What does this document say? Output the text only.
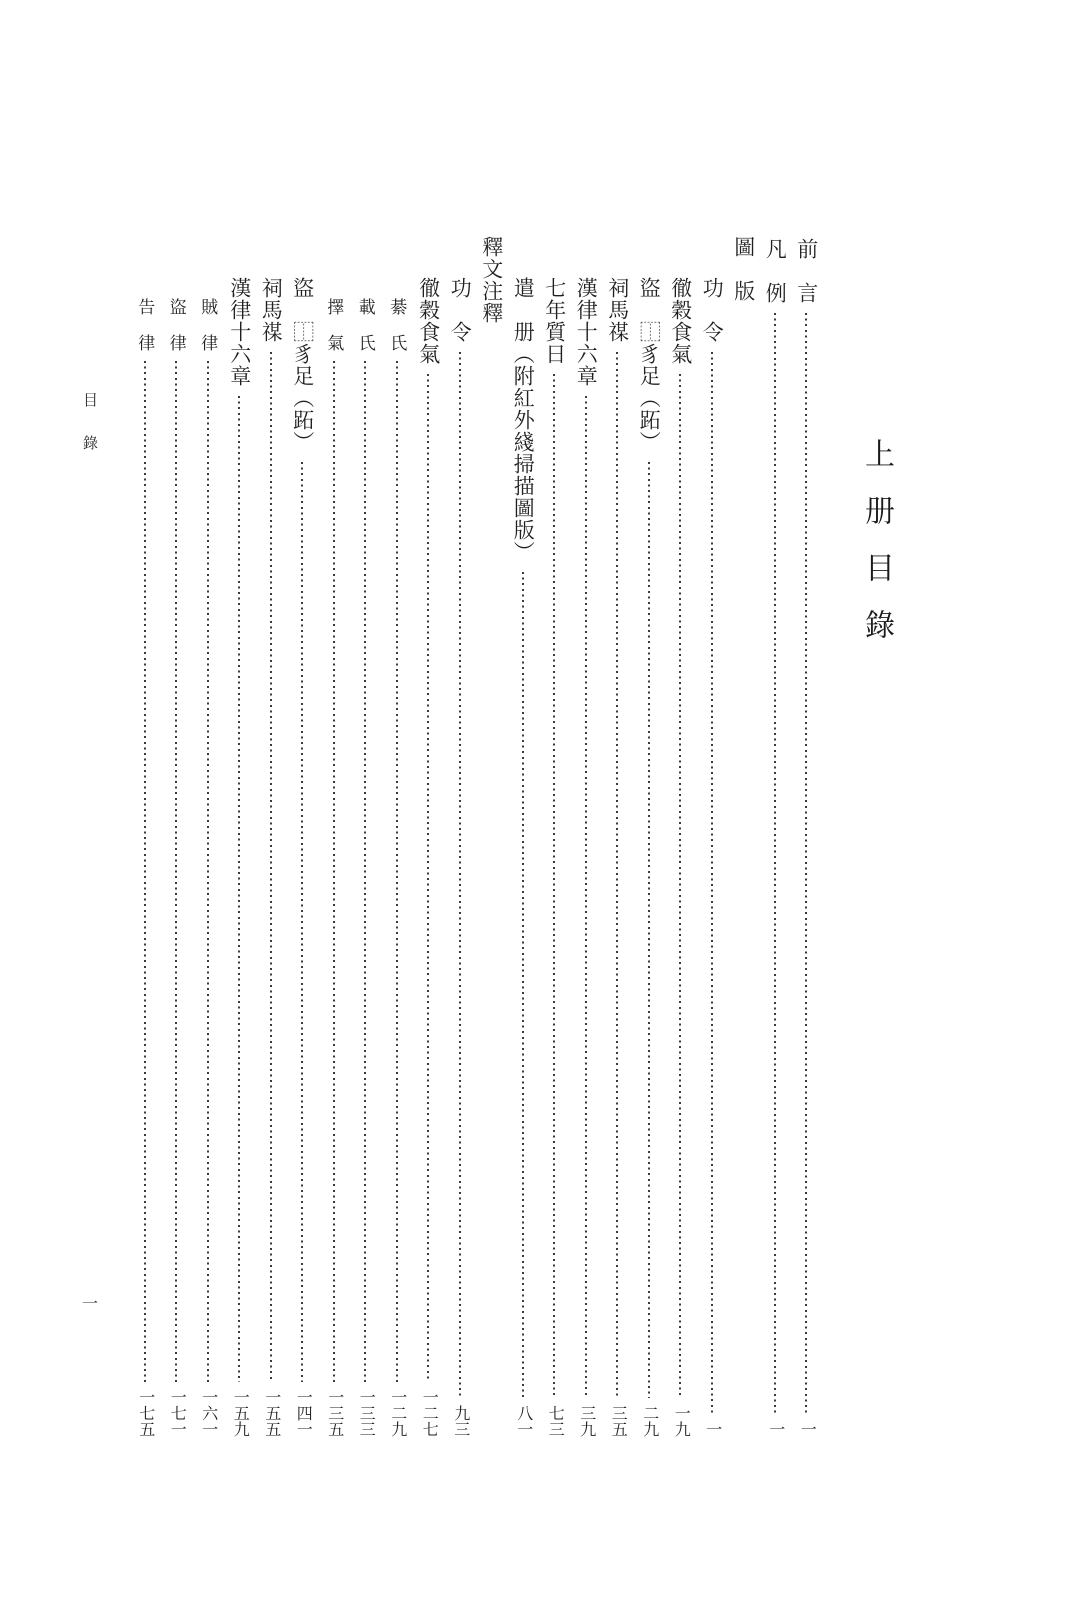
上册目錄
前　言
一
凡　例
一
圖　版
功　令
一
徹穀食氣
一九
盜　⿰豸足（跖）
二九
祠馬禖
三五
漢律十六章
三九
七年質日
七三
遣　册（附紅外綫掃描圖版）
八一
釋文注釋
功　令
九三
徹穀食氣
一二七
綦　氏
一二九
載　氏
一三三
擇　氣
一三五
盜　⿰豸足（跖）
一四一
祠馬禖
一五五
漢律十六章
一五九
賊　律
一六一
盜　律
一七一
告　律
一七五
目錄
一
